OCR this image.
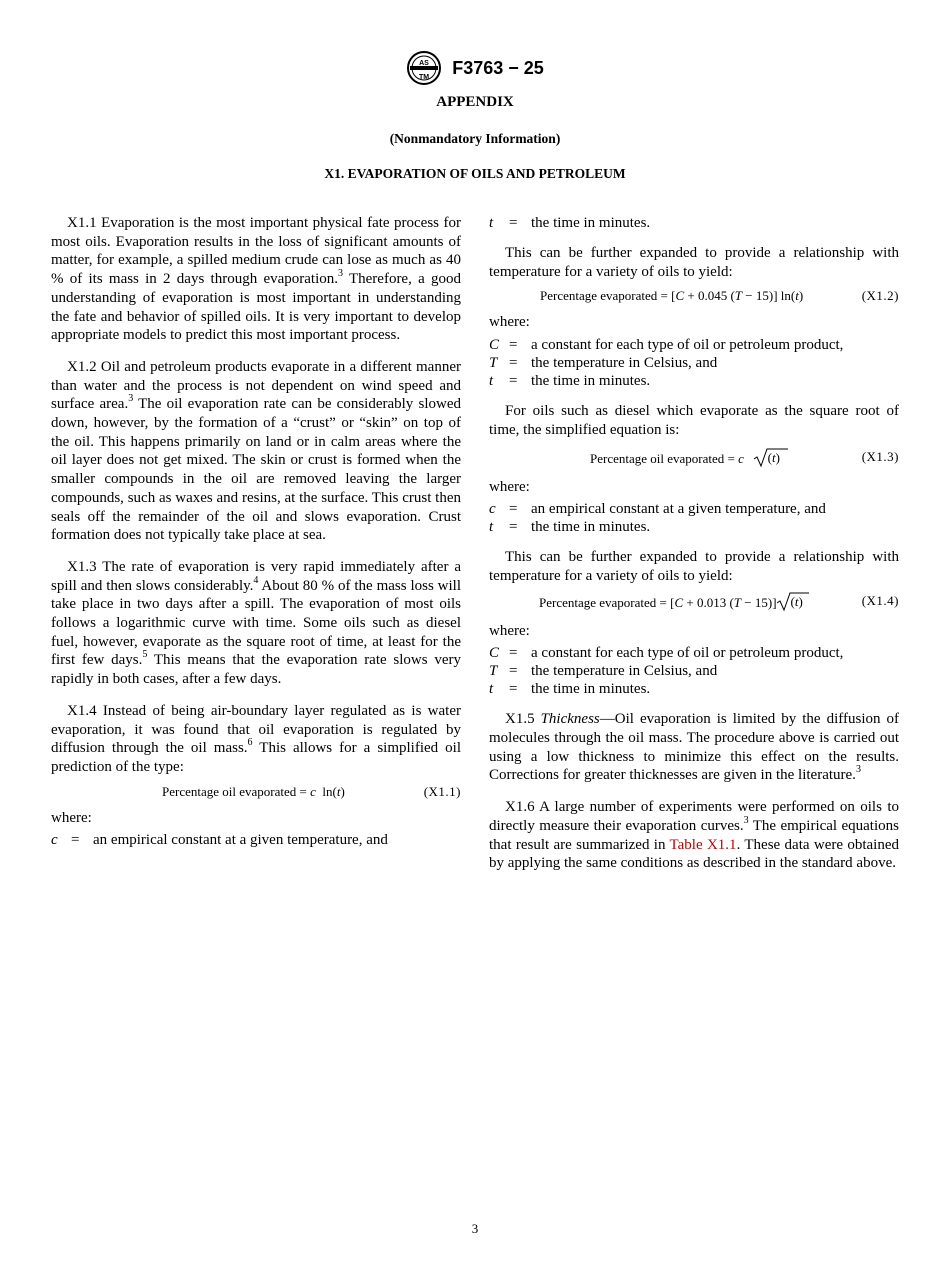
AS
TM F3763 − 25
APPENDIX
(Nonmandatory Information)
X1. EVAPORATION OF OILS AND PETROLEUM

X1.1 Evaporation is the most important physical fate process for most oils. Evaporation results in the loss of significant amounts of matter, for example, a spilled medium crude can lose as much as 40 % of its mass in 2 days through evaporation.$^3$ Therefore, a good understanding of evaporation is most important in understanding the fate and behavior of spilled oils. It is very important to develop appropriate models to predict this most important process.

X1.2 Oil and petroleum products evaporate in a different manner than water and the process is not dependent on wind speed and surface area.$^3$ The oil evaporation rate can be considerably slowed down, however, by the formation of a “crust” or “skin” on top of the oil. This happens primarily on land or in calm areas where the oil layer does not get mixed. The skin or crust is formed when the smaller compounds in the oil are removed leaving the larger compounds, such as waxes and resins, at the surface. This crust then seals off the remainder of the oil and slows evaporation. Crust formation does not typically take place at sea.

X1.3 The rate of evaporation is very rapid immediately after a spill and then slows considerably.$^4$ About 80 % of the mass loss will take place in two days after a spill. The evaporation of most oils follows a logarithmic curve with time. Some oils such as diesel fuel, however, evaporate as the square root of time, at least for the first few days.$^5$ This means that the evaporation rate slows very rapidly in both cases, after a few days.

X1.4 Instead of being air-boundary layer regulated as is water evaporation, it was found that oil evaporation is regulated by diffusion through the oil mass.$^6$ This allows for a simplified oil prediction of the type:

Percentage oil evaporated = c ln(t)	(X1.1)
where:
c = an empirical constant at a given temperature, and
t = the time in minutes.

This can be further expanded to provide a relationship with temperature for a variety of oils to yield:

Percentage evaporated = [C + 0.045 (T − 15)] ln(t)	(X1.2)
where:
C = a constant for each type of oil or petroleum product,
T = the temperature in Celsius, and
t = the time in minutes.

For oils such as diesel which evaporate as the square root of time, the simplified equation is:

Percentage oil evaporated = c (t)	(X1.3)
where:
c = an empirical constant at a given temperature, and
t = the time in minutes.

This can be further expanded to provide a relationship with temperature for a variety of oils to yield:

Percentage evaporated = [C + 0.013 (T − 15)] (t)	(X1.4)
where:
C = a constant for each type of oil or petroleum product,
T = the temperature in Celsius, and
t = the time in minutes.

X1.5 Thickness—Oil evaporation is limited by the diffusion of molecules through the oil mass. The procedure above is carried out using a low thickness to minimize this effect on the results. Corrections for greater thicknesses are given in the literature.$^3$

X1.6 A large number of experiments were performed on oils to directly measure their evaporation curves.$^3$ The empirical equations that result are summarized in Table X1.1. These data were obtained by applying the same conditions as described in the standard above.

3
